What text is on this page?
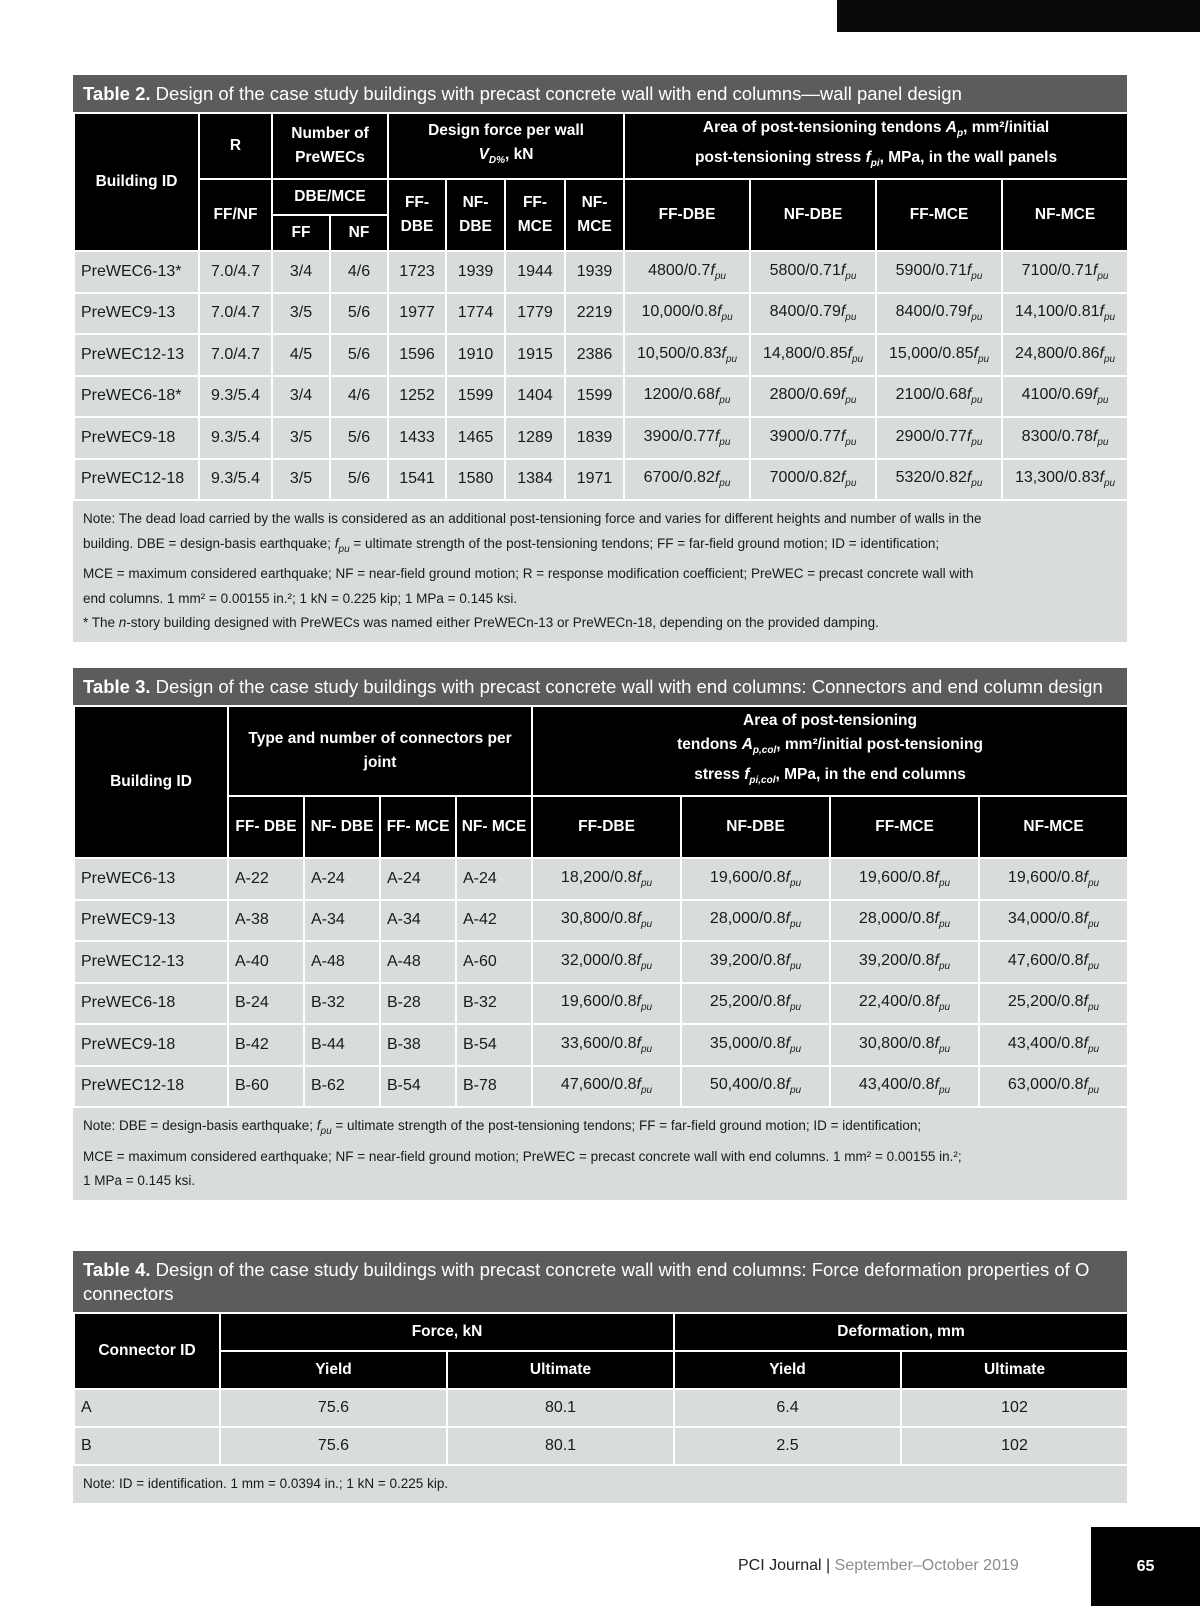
Table 2. Design of the case study buildings with precast concrete wall with end columns—wall panel design
Building ID	R	Number of PreWECs		Design force per wall
$V_{D\%}$, kN				Area of post-tensioning tendons $A_p$, mm²/initial
post-tensioning stress $f_{pi}$, MPa, in the wall panels			
	FF/NF	DBE/MCE		FF- DBE	NF- DBE	FF- MCE	NF- MCE	FF-DBE	NF-DBE	FF-MCE	NF-MCE
		FF	NF								
PreWEC6-13*	7.0/4.7	3/4	4/6	1723	1939	1944	1939	$4800/0.7f_{pu}$	$5800/0.71f_{pu}$	$5900/0.71f_{pu}$	$7100/0.71f_{pu}$
PreWEC9-13	7.0/4.7	3/5	5/6	1977	1774	1779	2219	$10,000/0.8f_{pu}$	$8400/0.79f_{pu}$	$8400/0.79f_{pu}$	$14,100/0.81f_{pu}$
PreWEC12-13	7.0/4.7	4/5	5/6	1596	1910	1915	2386	$10,500/0.83f_{pu}$	$14,800/0.85f_{pu}$	$15,000/0.85f_{pu}$	$24,800/0.86f_{pu}$
PreWEC6-18*	9.3/5.4	3/4	4/6	1252	1599	1404	1599	$1200/0.68f_{pu}$	$2800/0.69f_{pu}$	$2100/0.68f_{pu}$	$4100/0.69f_{pu}$
PreWEC9-18	9.3/5.4	3/5	5/6	1433	1465	1289	1839	$3900/0.77f_{pu}$	$3900/0.77f_{pu}$	$2900/0.77f_{pu}$	$8300/0.78f_{pu}$
PreWEC12-18	9.3/5.4	3/5	5/6	1541	1580	1384	1971	$6700/0.82f_{pu}$	$7000/0.82f_{pu}$	$5320/0.82f_{pu}$	$13,300/0.83f_{pu}$
Note: The dead load carried by the walls is considered as an additional post-tensioning force and varies for different heights and number of walls in the
building. DBE = design-basis earthquake; $f_{pu}$ = ultimate strength of the post-tensioning tendons; FF = far-field ground motion; ID = identification;
MCE = maximum considered earthquake; NF = near-field ground motion; R = response modification coefficient; PreWEC = precast concrete wall with
end columns. 1 mm² = 0.00155 in.²; 1 kN = 0.225 kip; 1 MPa = 0.145 ksi.
* The n-story building designed with PreWECs was named either PreWECn-13 or PreWECn-18, depending on the provided damping.
Table 3. Design of the case study buildings with precast concrete wall with end columns: Connectors and end column design
Building ID	Type and number of connectors per joint				Area of post-tensioning
tendons $A_{p,col}$, mm²/initial post-tensioning
stress $f_{pi,col}$, MPa, in the end columns			
	FF- DBE	NF- DBE	FF- MCE	NF- MCE	FF-DBE	NF-DBE	FF-MCE	NF-MCE
PreWEC6-13	A-22	A-24	A-24	A-24	$18,200/0.8f_{pu}$	$19,600/0.8f_{pu}$	$19,600/0.8f_{pu}$	$19,600/0.8f_{pu}$
PreWEC9-13	A-38	A-34	A-34	A-42	$30,800/0.8f_{pu}$	$28,000/0.8f_{pu}$	$28,000/0.8f_{pu}$	$34,000/0.8f_{pu}$
PreWEC12-13	A-40	A-48	A-48	A-60	$32,000/0.8f_{pu}$	$39,200/0.8f_{pu}$	$39,200/0.8f_{pu}$	$47,600/0.8f_{pu}$
PreWEC6-18	B-24	B-32	B-28	B-32	$19,600/0.8f_{pu}$	$25,200/0.8f_{pu}$	$22,400/0.8f_{pu}$	$25,200/0.8f_{pu}$
PreWEC9-18	B-42	B-44	B-38	B-54	$33,600/0.8f_{pu}$	$35,000/0.8f_{pu}$	$30,800/0.8f_{pu}$	$43,400/0.8f_{pu}$
PreWEC12-18	B-60	B-62	B-54	B-78	$47,600/0.8f_{pu}$	$50,400/0.8f_{pu}$	$43,400/0.8f_{pu}$	$63,000/0.8f_{pu}$
Note: DBE = design-basis earthquake; $f_{pu}$ = ultimate strength of the post-tensioning tendons; FF = far-field ground motion; ID = identification;
MCE = maximum considered earthquake; NF = near-field ground motion; PreWEC = precast concrete wall with end columns. 1 mm² = 0.00155 in.²;
1 MPa = 0.145 ksi.
Table 4. Design of the case study buildings with precast concrete wall with end columns: Force deformation properties of O connectors
Connector ID	Force, kN		Deformation, mm	
	Yield	Ultimate	Yield	Ultimate
A	75.6	80.1	6.4	102
B	75.6	80.1	2.5	102
Note: ID = identification. 1 mm = 0.0394 in.; 1 kN = 0.225 kip.
PCI Journal | September–October 2019	65
